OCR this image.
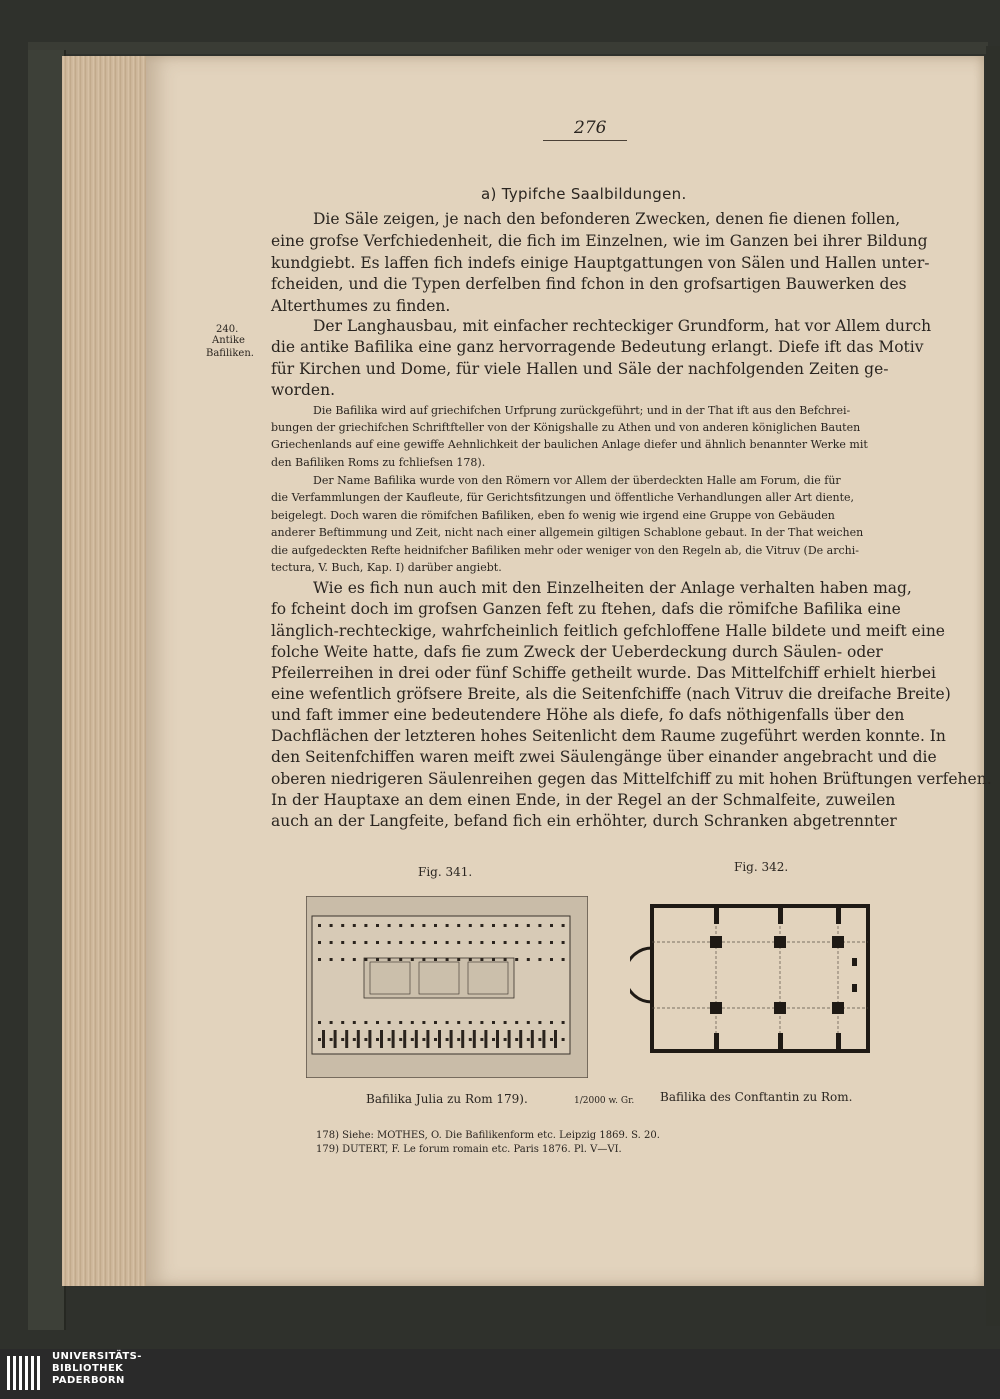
276
a) Typifche Saalbildungen.
240.
Antike
Bafiliken.
Die Säle zeigen, je nach den befonderen Zwecken, denen fie dienen follen,
eine grofse Verfchiedenheit, die fich im Einzelnen, wie im Ganzen bei ihrer Bildung
kundgiebt. Es laffen fich indefs einige Hauptgattungen von Sälen und Hallen unter-
fcheiden, und die Typen derfelben find fchon in den grofsartigen Bauwerken des
Alterthumes zu finden.
Der Langhausbau, mit einfacher rechteckiger Grundform, hat vor Allem durch
die antike Bafilika eine ganz hervorragende Bedeutung erlangt. Diefe ift das Motiv
für Kirchen und Dome, für viele Hallen und Säle der nachfolgenden Zeiten ge-
worden.
Die Bafilika wird auf griechifchen Urfprung zurückgeführt; und in der That ift aus den Befchrei-
bungen der griechifchen Schriftfteller von der Königshalle zu Athen und von anderen königlichen Bauten
Griechenlands auf eine gewiffe Aehnlichkeit der baulichen Anlage diefer und ähnlich benannter Werke mit
den Bafiliken Roms zu fchliefsen 178).
Der Name Bafilika wurde von den Römern vor Allem der überdeckten Halle am Forum, die für
die Verfammlungen der Kaufleute, für Gerichtsfitzungen und öffentliche Verhandlungen aller Art diente,
beigelegt. Doch waren die römifchen Bafiliken, eben fo wenig wie irgend eine Gruppe von Gebäuden
anderer Beftimmung und Zeit, nicht nach einer allgemein giltigen Schablone gebaut. In der That weichen
die aufgedeckten Refte heidnifcher Bafiliken mehr oder weniger von den Regeln ab, die Vitruv (De archi-
tectura, V. Buch, Kap. I) darüber angiebt.
Wie es fich nun auch mit den Einzelheiten der Anlage verhalten haben mag,
fo fcheint doch im grofsen Ganzen feft zu ftehen, dafs die römifche Bafilika eine
länglich-rechteckige, wahrfcheinlich feitlich gefchloffene Halle bildete und meift eine
folche Weite hatte, dafs fie zum Zweck der Ueberdeckung durch Säulen- oder
Pfeilerreihen in drei oder fünf Schiffe getheilt wurde. Das Mittelfchiff erhielt hierbei
eine wefentlich gröfsere Breite, als die Seitenfchiffe (nach Vitruv die dreifache Breite)
und faft immer eine bedeutendere Höhe als diefe, fo dafs nöthigenfalls über den
Dachflächen der letzteren hohes Seitenlicht dem Raume zugeführt werden konnte. In
den Seitenfchiffen waren meift zwei Säulengänge über einander angebracht und die
oberen niedrigeren Säulenreihen gegen das Mittelfchiff zu mit hohen Brüftungen verfehen.
In der Hauptaxe an dem einen Ende, in der Regel an der Schmalfeite, zuweilen
auch an der Langfeite, befand fich ein erhöhter, durch Schranken abgetrennter
Fig. 341.	Fig. 342.
Bafilika Julia zu Rom 179).	1/2000 w. Gr. Bafilika des Conftantin zu Rom.
178) Siehe: MOTHES, O. Die Bafilikenform etc. Leipzig 1869. S. 20.
179) DUTERT, F. Le forum romain etc. Paris 1876. Pl. V—VI.
UNIVERSITÄTS-
BIBLIOTHEK
PADERBORN
